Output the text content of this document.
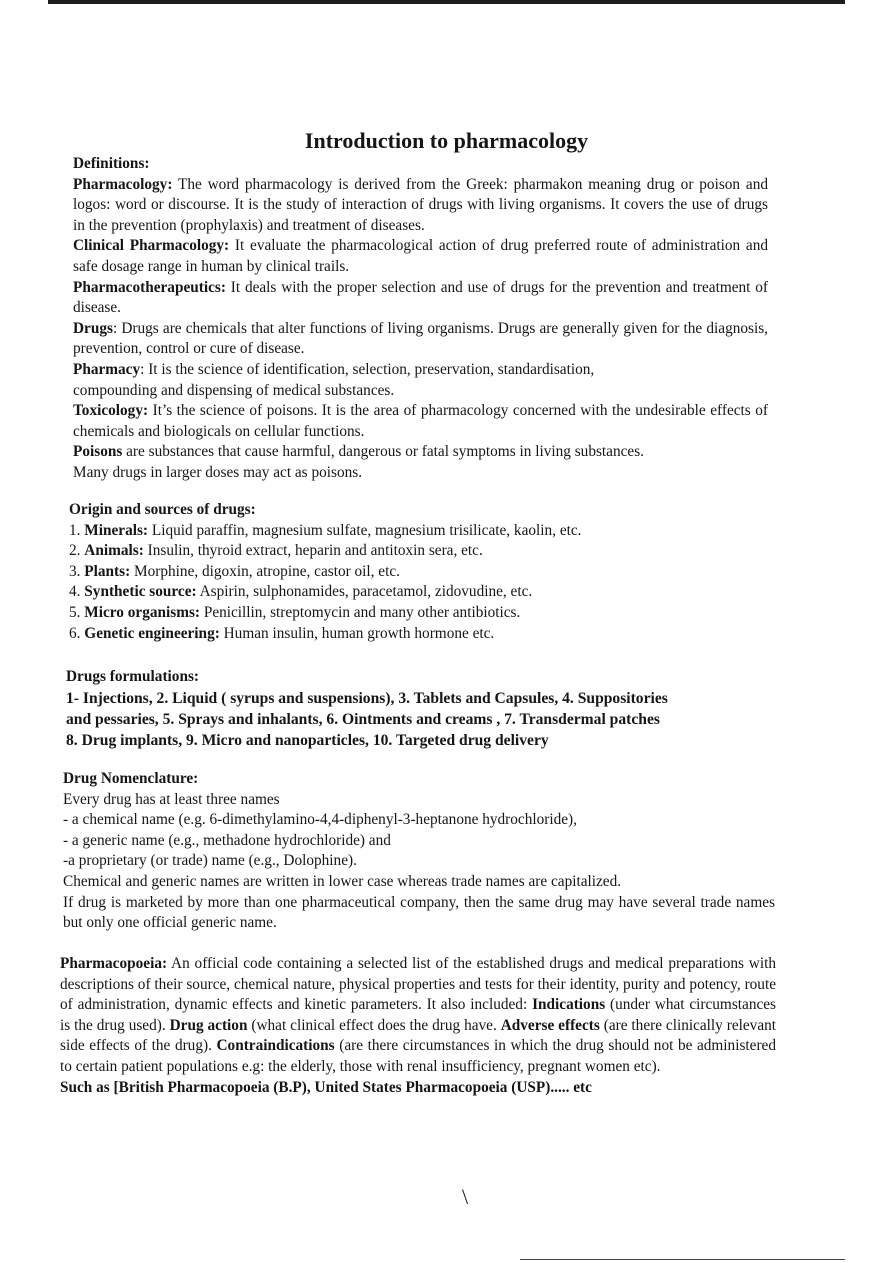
Introduction to pharmacology

Definitions:

Pharmacology: The word pharmacology is derived from the Greek: pharmakon meaning drug or poison and logos: word or discourse. It is the study of interaction of drugs with living organisms. It covers the use of drugs in the prevention (prophylaxis) and treatment of diseases.

Clinical Pharmacology: It evaluate the pharmacological action of drug preferred route of administration and safe dosage range in human by clinical trails.

Pharmacotherapeutics: It deals with the proper selection and use of drugs for the prevention and treatment of disease.

Drugs: Drugs are chemicals that alter functions of living organisms. Drugs are generally given for the diagnosis, prevention, control or cure of disease.

Pharmacy: It is the science of identification, selection, preservation, standardisation,
compounding and dispensing of medical substances.

Toxicology: It’s the science of poisons. It is the area of pharmacology concerned with the undesirable effects of chemicals and biologicals on cellular functions.

Poisons are substances that cause harmful, dangerous or fatal symptoms in living substances.
Many drugs in larger doses may act as poisons.

Origin and sources of drugs:

1. Minerals: Liquid paraffin, magnesium sulfate, magnesium trisilicate, kaolin, etc.

2. Animals: Insulin, thyroid extract, heparin and antitoxin sera, etc.

3. Plants: Morphine, digoxin, atropine, castor oil, etc.

4. Synthetic source: Aspirin, sulphonamides, paracetamol, zidovudine, etc.

5. Micro organisms: Penicillin, streptomycin and many other antibiotics.

6. Genetic engineering: Human insulin, human growth hormone etc.

Drugs formulations:

1- Injections, 2. Liquid ( syrups and suspensions), 3. Tablets and Capsules, 4. Suppositories

and pessaries, 5. Sprays and inhalants, 6. Ointments and creams , 7. Transdermal patches

8. Drug implants, 9. Micro and nanoparticles, 10. Targeted drug delivery

Drug Nomenclature:

Every drug has at least three names

- a chemical name (e.g. 6-dimethylamino-4,4-diphenyl-3-heptanone hydrochloride),

- a generic name (e.g., methadone hydrochloride) and

-a proprietary (or trade) name (e.g., Dolophine).

Chemical and generic names are written in lower case whereas trade names are capitalized.

If drug is marketed by more than one pharmaceutical company, then the same drug may have several trade names but only one official generic name.

Pharmacopoeia: An official code containing a selected list of the established drugs and medical preparations with descriptions of their source, chemical nature, physical properties and tests for their identity, purity and potency, route of administration, dynamic effects and kinetic parameters. It also included: Indications (under what circumstances is the drug used). Drug action (what clinical effect does the drug have. Adverse effects (are there clinically relevant side effects of the drug). Contraindications (are there circumstances in which the drug should not be administered to certain patient populations e.g: the elderly, those with renal insufficiency, pregnant women etc).

Such as [British Pharmacopoeia (B.P), United States Pharmacopoeia (USP)..... etc

\
